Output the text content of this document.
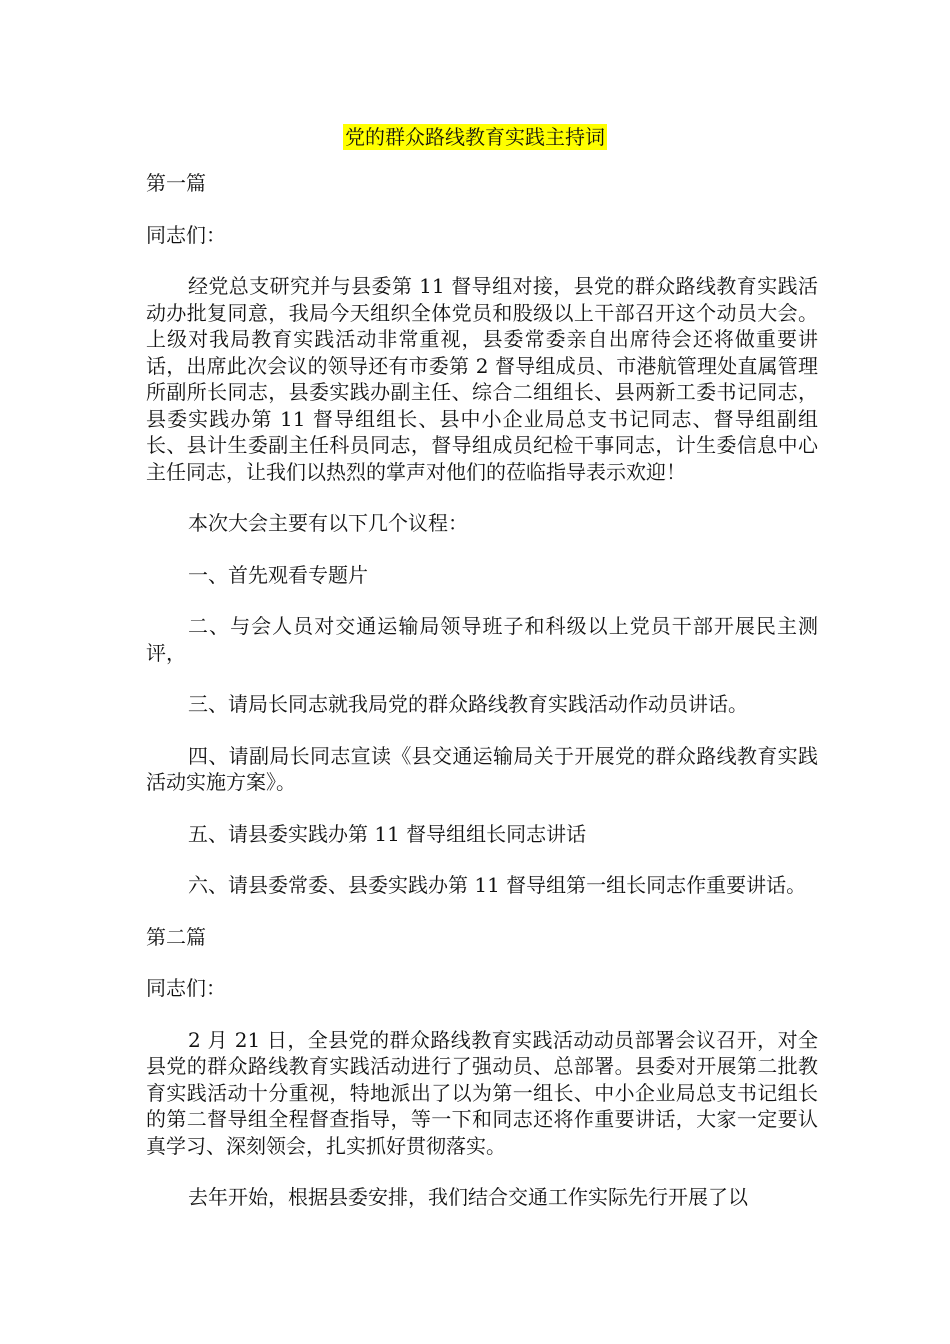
党的群众路线教育实践主持词

第一篇

同志们：

经党总支研究并与县委第 11 督导组对接，县党的群众路线教育实践活动办批复同意，我局今天组织全体党员和股级以上干部召开这个动员大会。上级对我局教育实践活动非常重视，县委常委亲自出席待会还将做重要讲话，出席此次会议的领导还有市委第 2 督导组成员、市港航管理处直属管理所副所长同志，县委实践办副主任、综合二组组长、县两新工委书记同志，县委实践办第 11 督导组组长、县中小企业局总支书记同志、督导组副组长、县计生委副主任科员同志，督导组成员纪检干事同志，计生委信息中心主任同志，让我们以热烈的掌声对他们的莅临指导表示欢迎！

本次大会主要有以下几个议程：

一、首先观看专题片

二、与会人员对交通运输局领导班子和科级以上党员干部开展民主测评，

三、请局长同志就我局党的群众路线教育实践活动作动员讲话。

四、请副局长同志宣读《县交通运输局关于开展党的群众路线教育实践活动实施方案》。

五、请县委实践办第 11 督导组组长同志讲话

六、请县委常委、县委实践办第 11 督导组第一组长同志作重要讲话。

第二篇

同志们：

2 月 21 日，全县党的群众路线教育实践活动动员部署会议召开，对全县党的群众路线教育实践活动进行了强动员、总部署。县委对开展第二批教育实践活动十分重视，特地派出了以为第一组长、中小企业局总支书记组长的第二督导组全程督查指导，等一下和同志还将作重要讲话，大家一定要认真学习、深刻领会，扎实抓好贯彻落实。

去年开始，根据县委安排，我们结合交通工作实际先行开展了以
